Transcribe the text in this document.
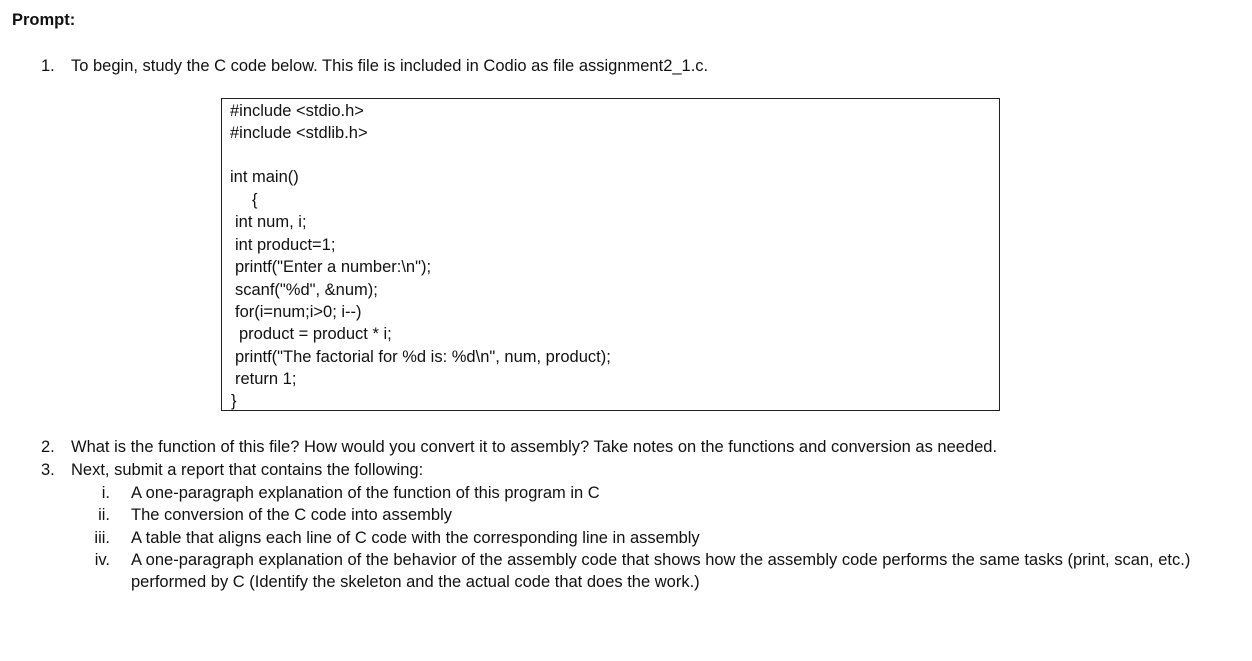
Prompt:
1. To begin, study the C code below. This file is included in Codio as file assignment2_1.c.
#include <stdio.h>
#include <stdlib.h>
int main()
{
int num, i;
int product=1;
printf("Enter a number:\n");
scanf("%d", &num);
for(i=num;i>0; i--)
product = product * i;
printf("The factorial for %d is: %d\n", num, product);
return 1;
}
2. What is the function of this file? How would you convert it to assembly? Take notes on the functions and conversion as needed.
3. Next, submit a report that contains the following:
i. A one-paragraph explanation of the function of this program in C
ii. The conversion of the C code into assembly
iii. A table that aligns each line of C code with the corresponding line in assembly
iv. A one-paragraph explanation of the behavior of the assembly code that shows how the assembly code performs the same tasks (print, scan, etc.)
performed by C (Identify the skeleton and the actual code that does the work.)
